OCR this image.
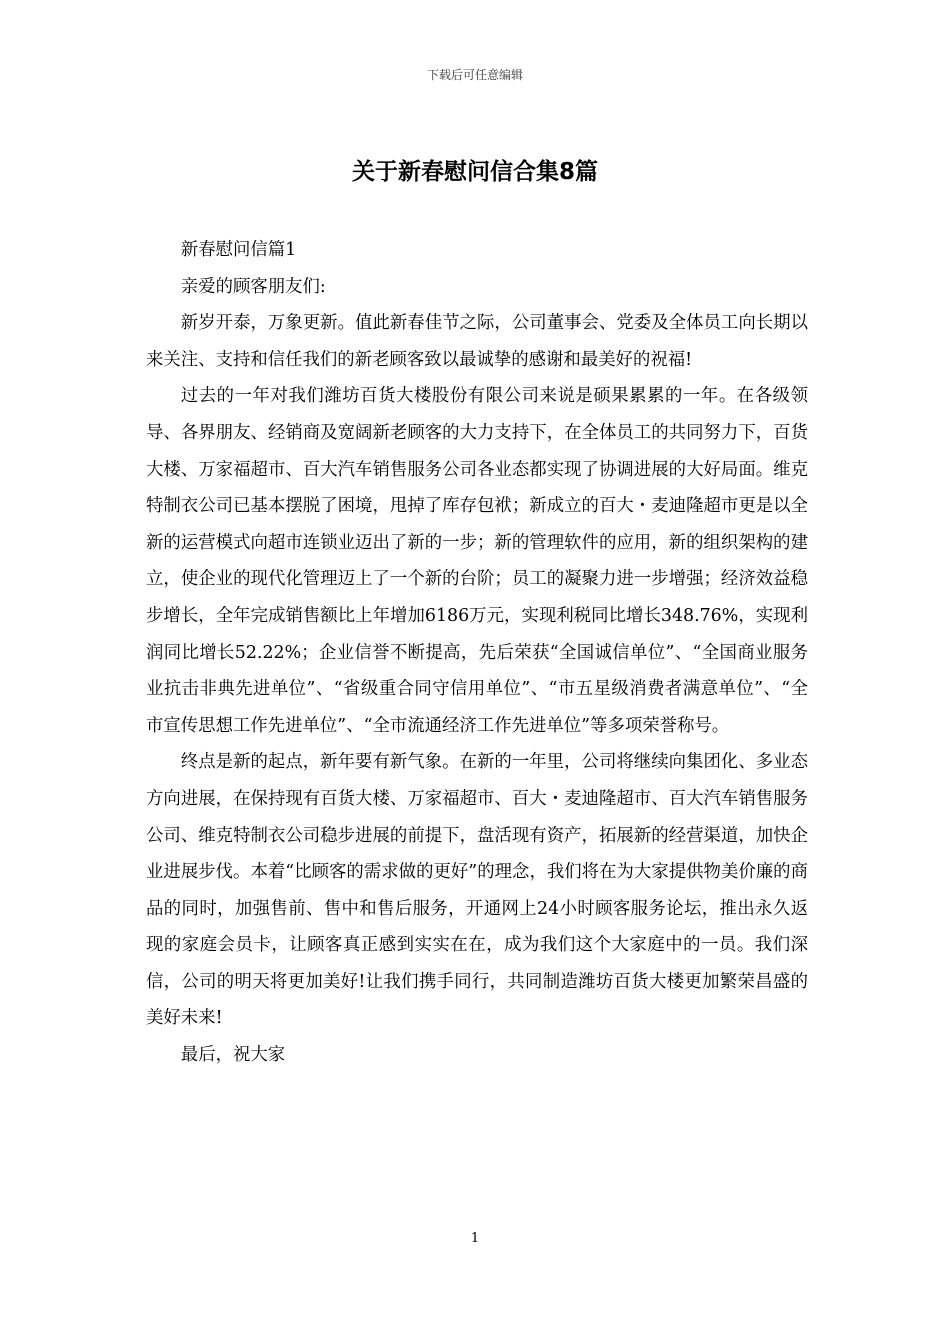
下载后可任意编辑
关于新春慰问信合集8篇

新春慰问信篇1

亲爱的顾客朋友们:

新岁开泰，万象更新。值此新春佳节之际，公司董事会、党委及全体员工向长期以来关注、支持和信任我们的新老顾客致以最诚挚的感谢和最美好的祝福!

过去的一年对我们潍坊百货大楼股份有限公司来说是硕果累累的一年。在各级领导、各界朋友、经销商及宽阔新老顾客的大力支持下，在全体员工的共同努力下，百货大楼、万家福超市、百大汽车销售服务公司各业态都实现了协调进展的大好局面。维克特制衣公司已基本摆脱了困境，甩掉了库存包袱；新成立的百大・麦迪隆超市更是以全新的运营模式向超市连锁业迈出了新的一步；新的管理软件的应用，新的组织架构的建立，使企业的现代化管理迈上了一个新的台阶；员工的凝聚力进一步增强；经济效益稳步增长，全年完成销售额比上年增加6186万元，实现利税同比增长348.76%，实现利润同比增长52.22%；企业信誉不断提高，先后荣获“全国诚信单位”、“全国商业服务业抗击非典先进单位”、“省级重合同守信用单位”、“市五星级消费者满意单位”、“全市宣传思想工作先进单位”、“全市流通经济工作先进单位”等多项荣誉称号。

终点是新的起点，新年要有新气象。在新的一年里，公司将继续向集团化、多业态方向进展，在保持现有百货大楼、万家福超市、百大・麦迪隆超市、百大汽车销售服务公司、维克特制衣公司稳步进展的前提下，盘活现有资产，拓展新的经营渠道，加快企业进展步伐。本着“比顾客的需求做的更好”的理念，我们将在为大家提供物美价廉的商品的同时，加强售前、售中和售后服务，开通网上24小时顾客服务论坛，推出永久返现的家庭会员卡，让顾客真正感到实实在在，成为我们这个大家庭中的一员。我们深信，公司的明天将更加美好!让我们携手同行，共同制造潍坊百货大楼更加繁荣昌盛的美好未来!

最后，祝大家

1
